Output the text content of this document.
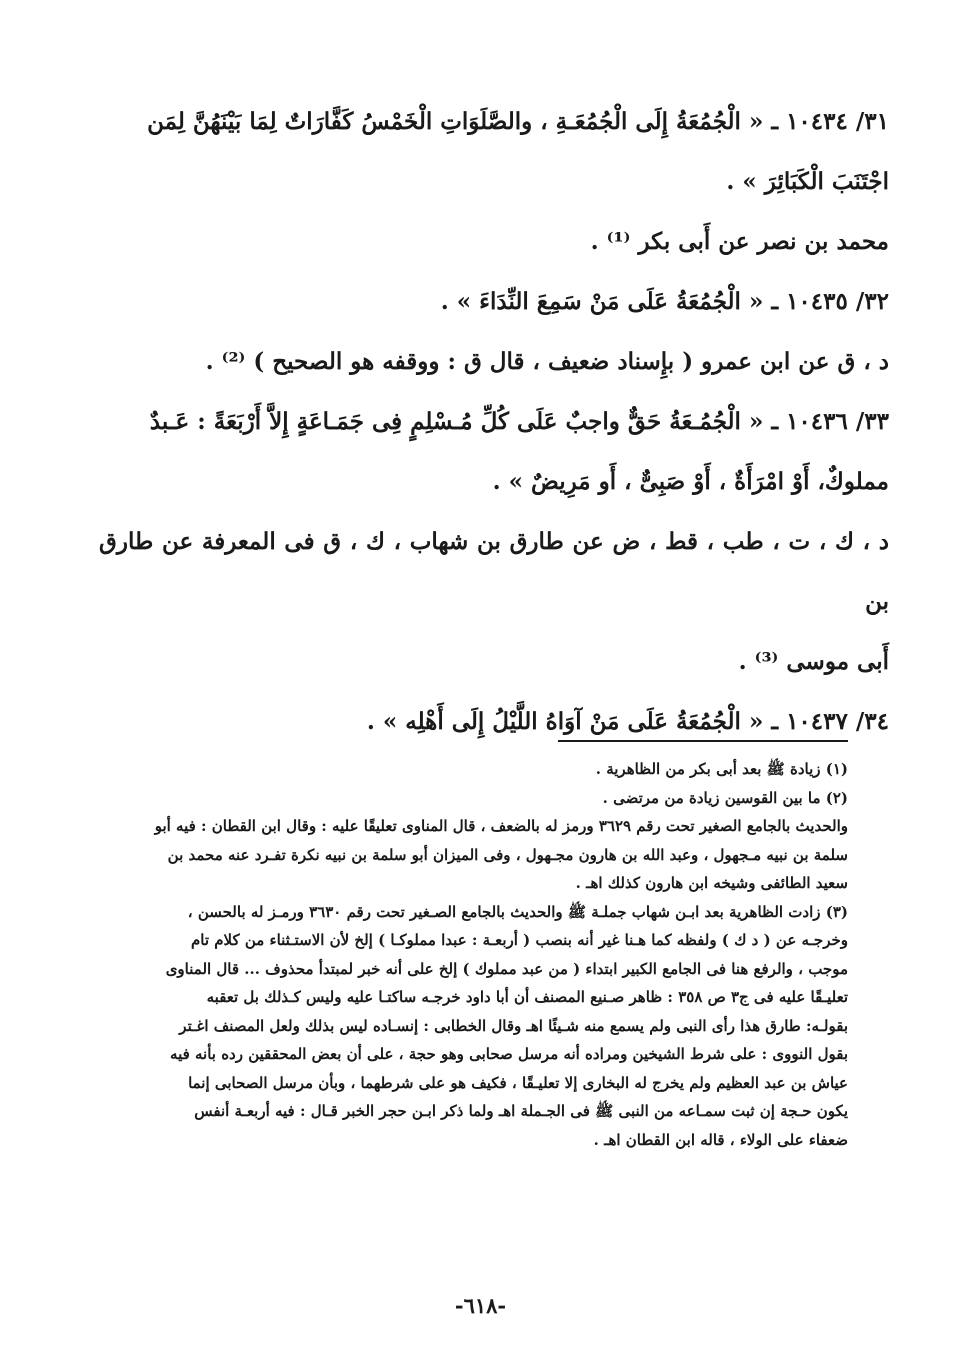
٣١/ ١٠٤٣٤ ـ « الْجُمُعَةُ إِلَى الْجُمُعَـةِ ، والصَّلَوَاتِ الْخَمْسُ كَفَّارَاتٌ لِمَا بَيْنَهُنَّ لِمَن

اجْتَنَبَ الْكَبَائِرَ » .

محمد بن نصر عن أَبى بكر ⁽¹⁾ .

٣٢/ ١٠٤٣٥ ـ « الْجُمُعَةُ عَلَى مَنْ سَمِعَ النِّدَاءَ » .

د ، ق عن ابن عمرو ( بإِسناد ضعيف ، قال ق : ووقفه هو الصحيح ) ⁽²⁾ .

٣٣/ ١٠٤٣٦ ـ « الْجُمُـعَةُ حَقٌّ واجبٌ عَلَى كُلِّ مُـسْلِمٍ فِى جَمَـاعَةٍ إِلاَّ أَرْبَعَةً : عَـبدٌ

مملوكٌ، أَوْ امْرَأَةٌ ، أَوْ صَبِىٌّ ، أَو مَرِيضٌ » .

د ، ك ، ت ، طب ، قط ، ض عن طارق بن شهاب ، ك ، ق فى المعرفة عن طارق بن

أَبى موسى ⁽³⁾ .

٣٤/ ١٠٤٣٧ ـ « الْجُمُعَةُ عَلَى مَنْ آوَاهُ اللَّيْلُ إِلَى أَهْلِه » .

(١) زيادة ﷺ بعد أبى بكر من الظاهرية .

(٢) ما بين القوسين زيادة من مرتضى .

والحديث بالجامع الصغير تحت رقم ٣٦٢٩ ورمز له بالضعف ، قال المناوى تعليقًا عليه : وقال ابن القطان : فيه أبو

سلمة بن نبيه مـجهول ، وعبد الله بن هارون مجـهول ، وفى الميزان أبو سلمة بن نبيه نكرة تفـرد عنه محمد بن

سعيد الطائفى وشيخه ابن هارون كذلك اهـ .

(٣) زادت الظاهرية بعد ابـن شهاب جملـة ﷺ والحديث بالجامع الصـغير تحت رقم ٣٦٣٠ ورمـز له بالحسن ،

وخرجـه عن ( د ك ) ولفظه كما هـنا غير أنه بنصب ( أربعـة : عبدا مملوكـا ) إلخ لأن الاستـثناء من كلام تام

موجب ، والرفع هنا فى الجامع الكبير ابتداء ( من عبد مملوك ) إلخ على أنه خبر لمبتدأ محذوف ... قال المناوى

تعليـقًا عليه فى ج٣ ص ٣٥٨ : ظاهر صـنيع المصنف أن أبا داود خرجـه ساكتـا عليه وليس كـذلك بل تعقبه

بقولـه: طارق هذا رأى النبى ولم يسمع منه شـيئًا اهـ وقال الخطابى : إنسـاده ليس بذلك ولعل المصنف اغـتر

بقول النووى : على شرط الشيخين ومراده أنه مرسل صحابى وهو حجة ، على أن بعض المحققين رده بأنه فيه

عياش بن عبد العظيم ولم يخرج له البخارى إلا تعليـقًا ، فكيف هو على شرطهما ، وبأن مرسل الصحابى إنما

يكون حـجة إن ثبت سمـاعه من النبى ﷺ فى الجـملة اهـ ولما ذكر ابـن حجر الخبر قـال : فيه أربعـة أنفس

ضعفاء على الولاء ، قاله ابن القطان اهـ .

-٦١٨-
